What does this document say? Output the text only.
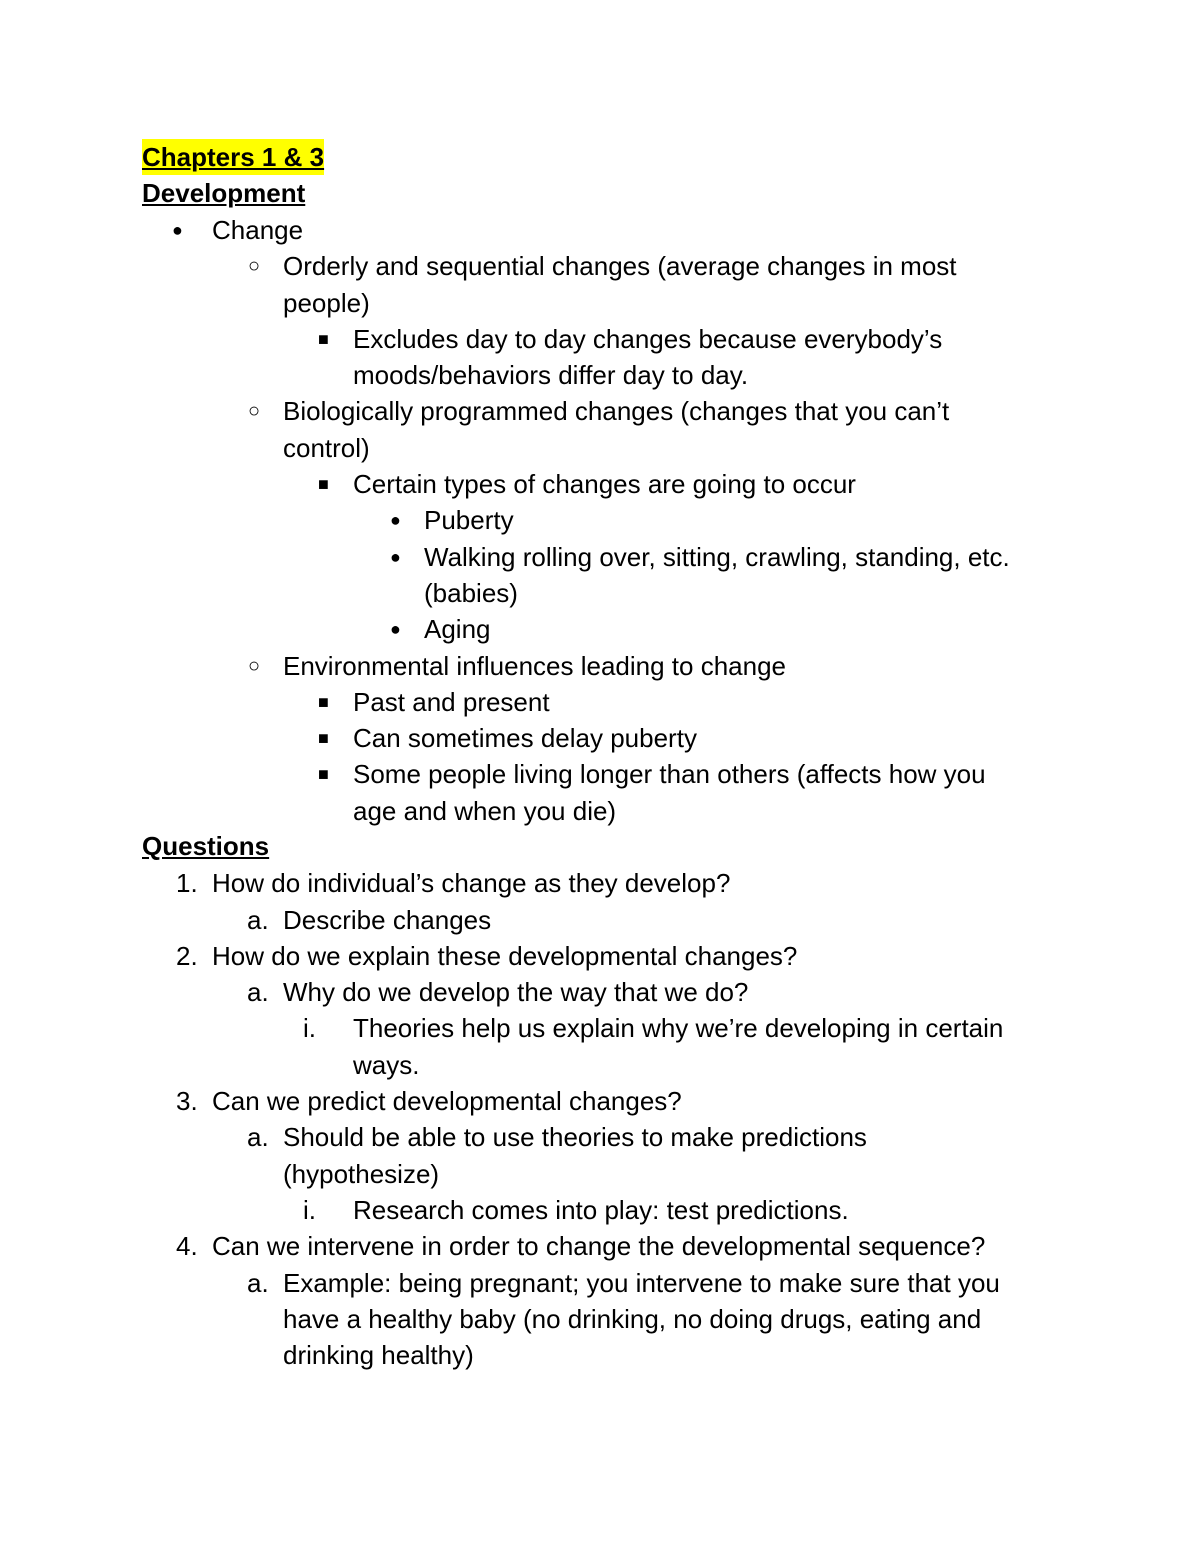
Chapters 1 & 3
Development
● Change
○ Orderly and sequential changes (average changes in most
people)
■ Excludes day to day changes because everybody’s
moods/behaviors differ day to day.
○ Biologically programmed changes (changes that you can’t
control)
■ Certain types of changes are going to occur
● Puberty
● Walking rolling over, sitting, crawling, standing, etc.
(babies)
● Aging
○ Environmental influences leading to change
■ Past and present
■ Can sometimes delay puberty
■ Some people living longer than others (affects how you
age and when you die)
Questions
1. How do individual’s change as they develop?
a. Describe changes
2. How do we explain these developmental changes?
a. Why do we develop the way that we do?
i. Theories help us explain why we’re developing in certain
ways.
3. Can we predict developmental changes?
a. Should be able to use theories to make predictions
(hypothesize)
i. Research comes into play: test predictions.
4. Can we intervene in order to change the developmental sequence?
a. Example: being pregnant; you intervene to make sure that you
have a healthy baby (no drinking, no doing drugs, eating and
drinking healthy)
